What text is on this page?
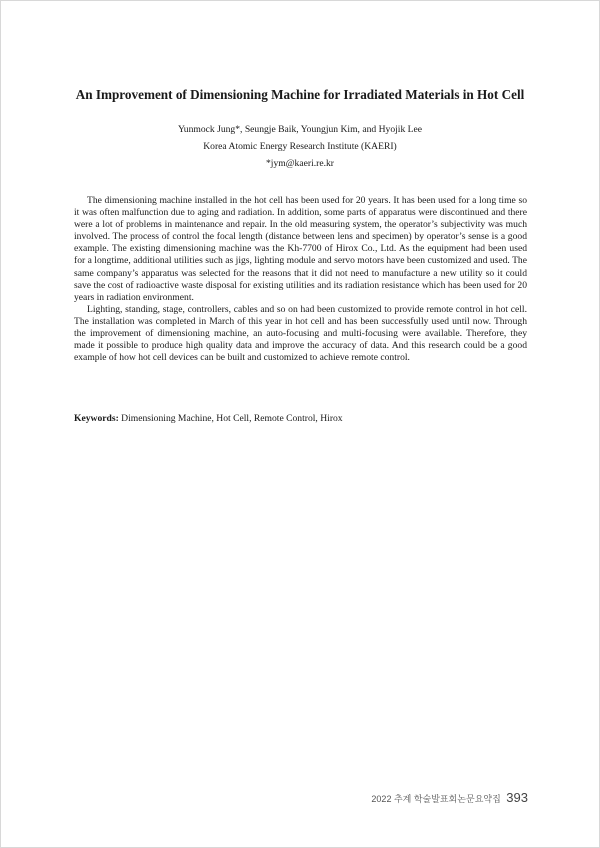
An Improvement of Dimensioning Machine for Irradiated Materials in Hot Cell
Yunmock Jung*, Seungje Baik, Youngjun Kim, and Hyojik Lee
Korea Atomic Energy Research Institute (KAERI)
*jym@kaeri.re.kr

The dimensioning machine installed in the hot cell has been used for 20 years. It has been used for a long time so it was often malfunction due to aging and radiation. In addition, some parts of apparatus were discontinued and there were a lot of problems in maintenance and repair. In the old measuring system, the operator’s subjectivity was much involved. The process of control the focal length (distance between lens and specimen) by operator’s sense is a good example. The existing dimensioning machine was the Kh-7700 of Hirox Co., Ltd. As the equipment had been used for a longtime, additional utilities such as jigs, lighting module and servo motors have been customized and used. The same company’s apparatus was selected for the reasons that it did not need to manufacture a new utility so it could save the cost of radioactive waste disposal for existing utilities and its radiation resistance which has been used for 20 years in radiation environment.

Lighting, standing, stage, controllers, cables and so on had been customized to provide remote control in hot cell. The installation was completed in March of this year in hot cell and has been successfully used until now. Through the improvement of dimensioning machine, an auto-focusing and multi-focusing were available. Therefore, they made it possible to produce high quality data and improve the accuracy of data. And this research could be a good example of how hot cell devices can be built and customized to achieve remote control.

Keywords: Dimensioning Machine, Hot Cell, Remote Control, Hirox
2022 추계 학술발표회논문요약집 393
